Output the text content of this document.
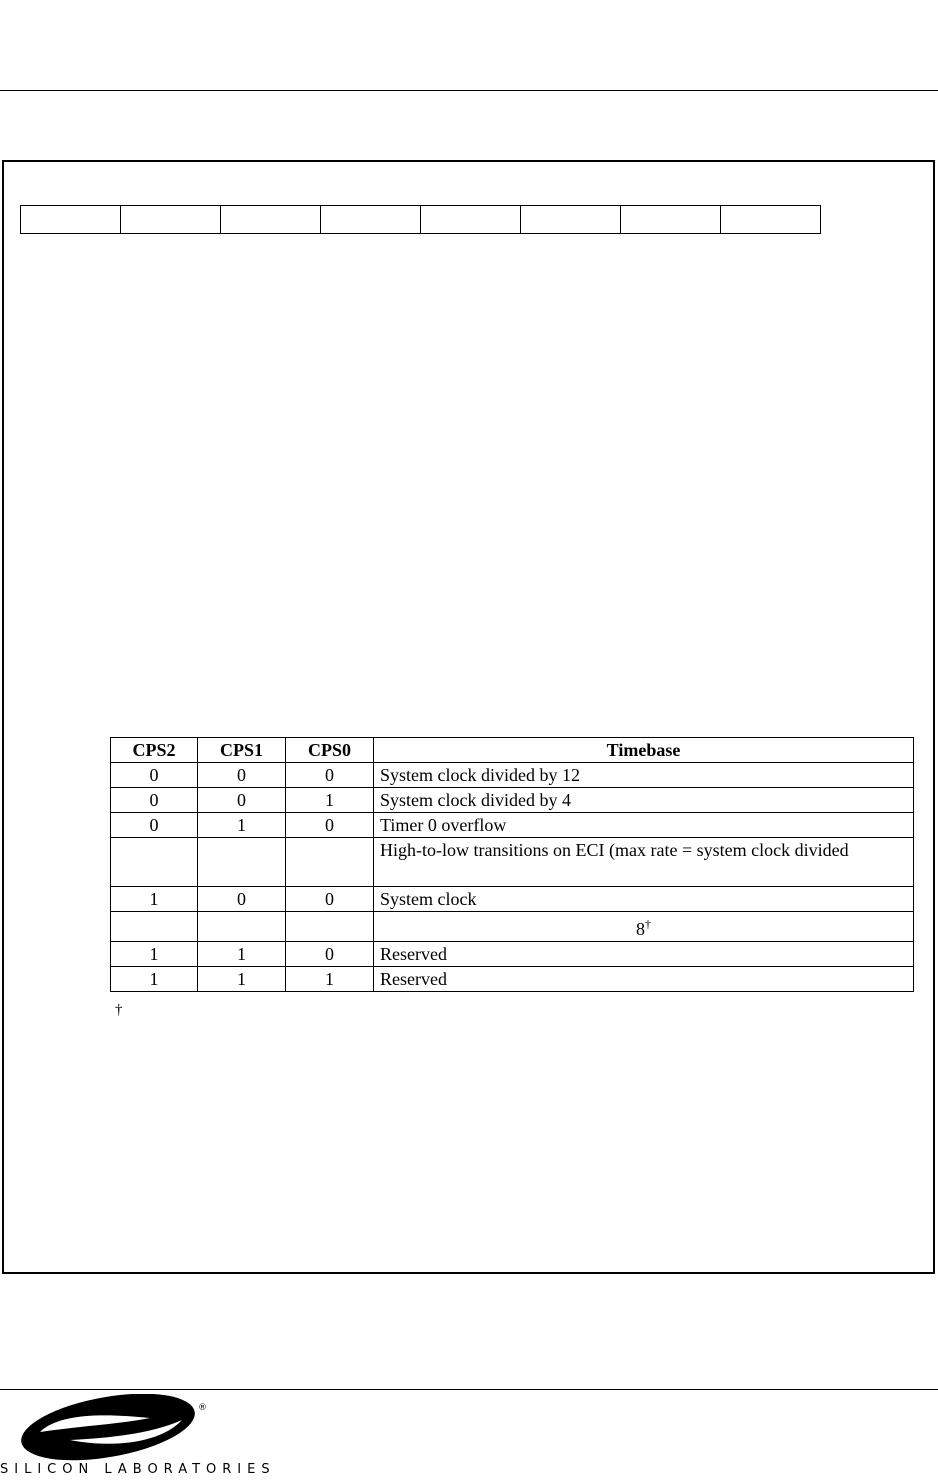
CPS2	CPS1	CPS0	Timebase
0	0	0	System clock divided by 12
0	0	1	System clock divided by 4
0	1	0	Timer 0 overflow
			High-to-low transitions on ECI (max rate = system clock divided
1	0	0	System clock
			8†
1	1	0	Reserved
1	1	1	Reserved
†
®
SILICON LABORATORIES
